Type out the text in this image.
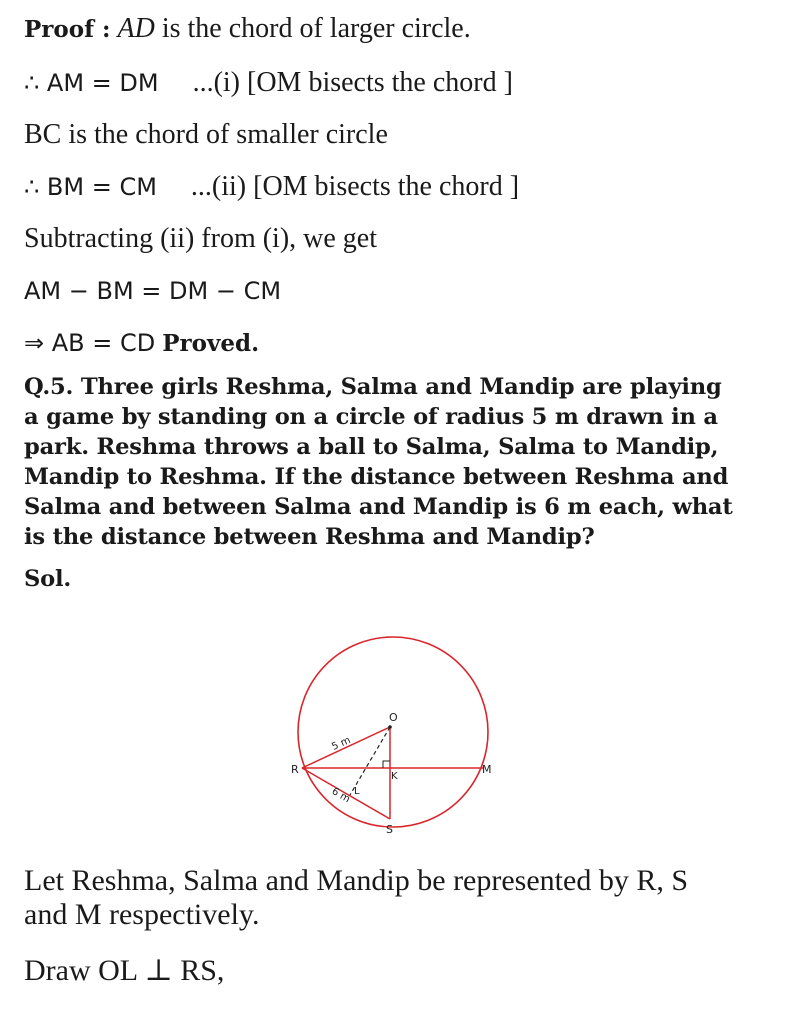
Proof : AD is the chord of larger circle.
∴ AM = DM ...(i) [OM bisects the chord ]
BC is the chord of smaller circle
∴ BM = CM ...(ii) [OM bisects the chord ]
Subtracting (ii) from (i), we get
AM − BM = DM − CM
⇒ AB = CD Proved.
Q.5. Three girls Reshma, Salma and Mandip are playing
a game by standing on a circle of radius 5 m drawn in a
park. Reshma throws a ball to Salma, Salma to Mandip,
Mandip to Reshma. If the distance between Reshma and
Salma and between Salma and Mandip is 6 m each, what
is the distance between Reshma and Mandip?
Sol.
O
R	M
K
L
S
5 m
6 m
Let Reshma, Salma and Mandip be represented by R, S
and M respectively.
Draw OL ⊥ RS,
